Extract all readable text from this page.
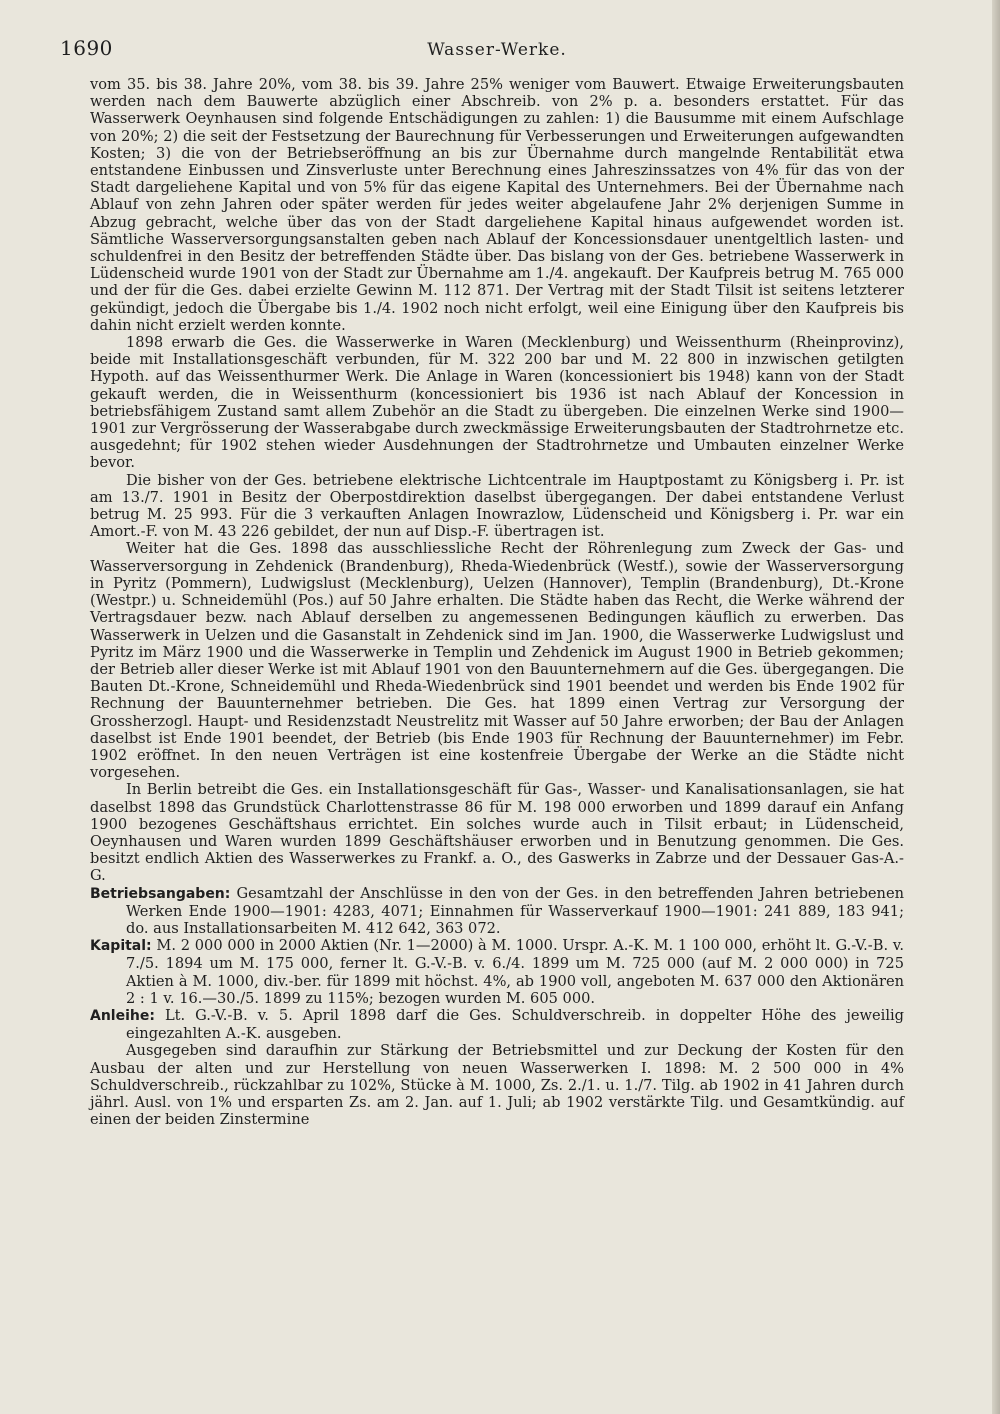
1690	Wasser-Werke.

vom 35. bis 38. Jahre 20%, vom 38. bis 39. Jahre 25% weniger vom Bauwert. Etwaige Erweiterungsbauten werden nach dem Bauwerte abzüglich einer Abschreib. von 2% p. a. besonders erstattet. Für das Wasserwerk Oeynhausen sind folgende Entschädigungen zu zahlen: 1) die Bausumme mit einem Aufschlage von 20%; 2) die seit der Festsetzung der Baurechnung für Verbesserungen und Erweiterungen aufgewandten Kosten; 3) die von der Betriebseröffnung an bis zur Übernahme durch mangelnde Rentabilität etwa entstandene Einbussen und Zinsverluste unter Berechnung eines Jahreszinssatzes von 4% für das von der Stadt dargeliehene Kapital und von 5% für das eigene Kapital des Unternehmers. Bei der Übernahme nach Ablauf von zehn Jahren oder später werden für jedes weiter abgelaufene Jahr 2% derjenigen Summe in Abzug gebracht, welche über das von der Stadt dargeliehene Kapital hinaus aufgewendet worden ist. Sämtliche Wasserversorgungsanstalten geben nach Ablauf der Koncessionsdauer unentgeltlich lasten- und schuldenfrei in den Besitz der betreffenden Städte über. Das bislang von der Ges. betriebene Wasserwerk in Lüdenscheid wurde 1901 von der Stadt zur Übernahme am 1./4. angekauft. Der Kaufpreis betrug M. 765 000 und der für die Ges. dabei erzielte Gewinn M. 112 871. Der Vertrag mit der Stadt Tilsit ist seitens letzterer gekündigt, jedoch die Übergabe bis 1./4. 1902 noch nicht erfolgt, weil eine Einigung über den Kaufpreis bis dahin nicht erzielt werden konnte.

1898 erwarb die Ges. die Wasserwerke in Waren (Mecklenburg) und Weissenthurm (Rheinprovinz), beide mit Installationsgeschäft verbunden, für M. 322 200 bar und M. 22 800 in inzwischen getilgten Hypoth. auf das Weissenthurmer Werk. Die Anlage in Waren (koncessioniert bis 1948) kann von der Stadt gekauft werden, die in Weissenthurm (koncessioniert bis 1936 ist nach Ablauf der Koncession in betriebsfähigem Zustand samt allem Zubehör an die Stadt zu übergeben. Die einzelnen Werke sind 1900—1901 zur Vergrösserung der Wasserabgabe durch zweckmässige Erweiterungsbauten der Stadtrohrnetze etc. ausgedehnt; für 1902 stehen wieder Ausdehnungen der Stadtrohrnetze und Umbauten einzelner Werke bevor.

Die bisher von der Ges. betriebene elektrische Lichtcentrale im Hauptpostamt zu Königsberg i. Pr. ist am 13./7. 1901 in Besitz der Oberpostdirektion daselbst übergegangen. Der dabei entstandene Verlust betrug M. 25 993. Für die 3 verkauften Anlagen Inowrazlow, Lüdenscheid und Königsberg i. Pr. war ein Amort.-F. von M. 43 226 gebildet, der nun auf Disp.-F. übertragen ist.

Weiter hat die Ges. 1898 das ausschliessliche Recht der Röhrenlegung zum Zweck der Gas- und Wasserversorgung in Zehdenick (Brandenburg), Rheda-Wiedenbrück (Westf.), sowie der Wasserversorgung in Pyritz (Pommern), Ludwigslust (Mecklenburg), Uelzen (Hannover), Templin (Brandenburg), Dt.-Krone (Westpr.) u. Schneidemühl (Pos.) auf 50 Jahre erhalten. Die Städte haben das Recht, die Werke während der Vertragsdauer bezw. nach Ablauf derselben zu angemessenen Bedingungen käuflich zu erwerben. Das Wasserwerk in Uelzen und die Gasanstalt in Zehdenick sind im Jan. 1900, die Wasserwerke Ludwigslust und Pyritz im März 1900 und die Wasserwerke in Templin und Zehdenick im August 1900 in Betrieb gekommen; der Betrieb aller dieser Werke ist mit Ablauf 1901 von den Bauunternehmern auf die Ges. übergegangen. Die Bauten Dt.-Krone, Schneidemühl und Rheda-Wiedenbrück sind 1901 beendet und werden bis Ende 1902 für Rechnung der Bauunternehmer betrieben. Die Ges. hat 1899 einen Vertrag zur Versorgung der Grossherzogl. Haupt- und Residenzstadt Neustrelitz mit Wasser auf 50 Jahre erworben; der Bau der Anlagen daselbst ist Ende 1901 beendet, der Betrieb (bis Ende 1903 für Rechnung der Bauunternehmer) im Febr. 1902 eröffnet. In den neuen Verträgen ist eine kostenfreie Übergabe der Werke an die Städte nicht vorgesehen.

In Berlin betreibt die Ges. ein Installationsgeschäft für Gas-, Wasser- und Kanalisationsanlagen, sie hat daselbst 1898 das Grundstück Charlottenstrasse 86 für M. 198 000 erworben und 1899 darauf ein Anfang 1900 bezogenes Geschäftshaus errichtet. Ein solches wurde auch in Tilsit erbaut; in Lüdenscheid, Oeynhausen und Waren wurden 1899 Geschäftshäuser erworben und in Benutzung genommen. Die Ges. besitzt endlich Aktien des Wasserwerkes zu Frankf. a. O., des Gaswerks in Zabrze und der Dessauer Gas-A.-G.

Betriebsangaben: Gesamtzahl der Anschlüsse in den von der Ges. in den betreffenden Jahren betriebenen Werken Ende 1900—1901: 4283, 4071; Einnahmen für Wasserverkauf 1900—1901: 241 889, 183 941; do. aus Installationsarbeiten M. 412 642, 363 072.

Kapital: M. 2 000 000 in 2000 Aktien (Nr. 1—2000) à M. 1000. Urspr. A.-K. M. 1 100 000, erhöht lt. G.-V.-B. v. 7./5. 1894 um M. 175 000, ferner lt. G.-V.-B. v. 6./4. 1899 um M. 725 000 (auf M. 2 000 000) in 725 Aktien à M. 1000, div.-ber. für 1899 mit höchst. 4%, ab 1900 voll, angeboten M. 637 000 den Aktionären 2 : 1 v. 16.—30./5. 1899 zu 115%; bezogen wurden M. 605 000.

Anleihe: Lt. G.-V.-B. v. 5. April 1898 darf die Ges. Schuldverschreib. in doppelter Höhe des jeweilig eingezahlten A.-K. ausgeben.

Ausgegeben sind daraufhin zur Stärkung der Betriebsmittel und zur Deckung der Kosten für den Ausbau der alten und zur Herstellung von neuen Wasserwerken I. 1898: M. 2 500 000 in 4% Schuldverschreib., rückzahlbar zu 102%, Stücke à M. 1000, Zs. 2./1. u. 1./7. Tilg. ab 1902 in 41 Jahren durch jährl. Ausl. von 1% und ersparten Zs. am 2. Jan. auf 1. Juli; ab 1902 verstärkte Tilg. und Gesamtkündig. auf einen der beiden Zinstermine
